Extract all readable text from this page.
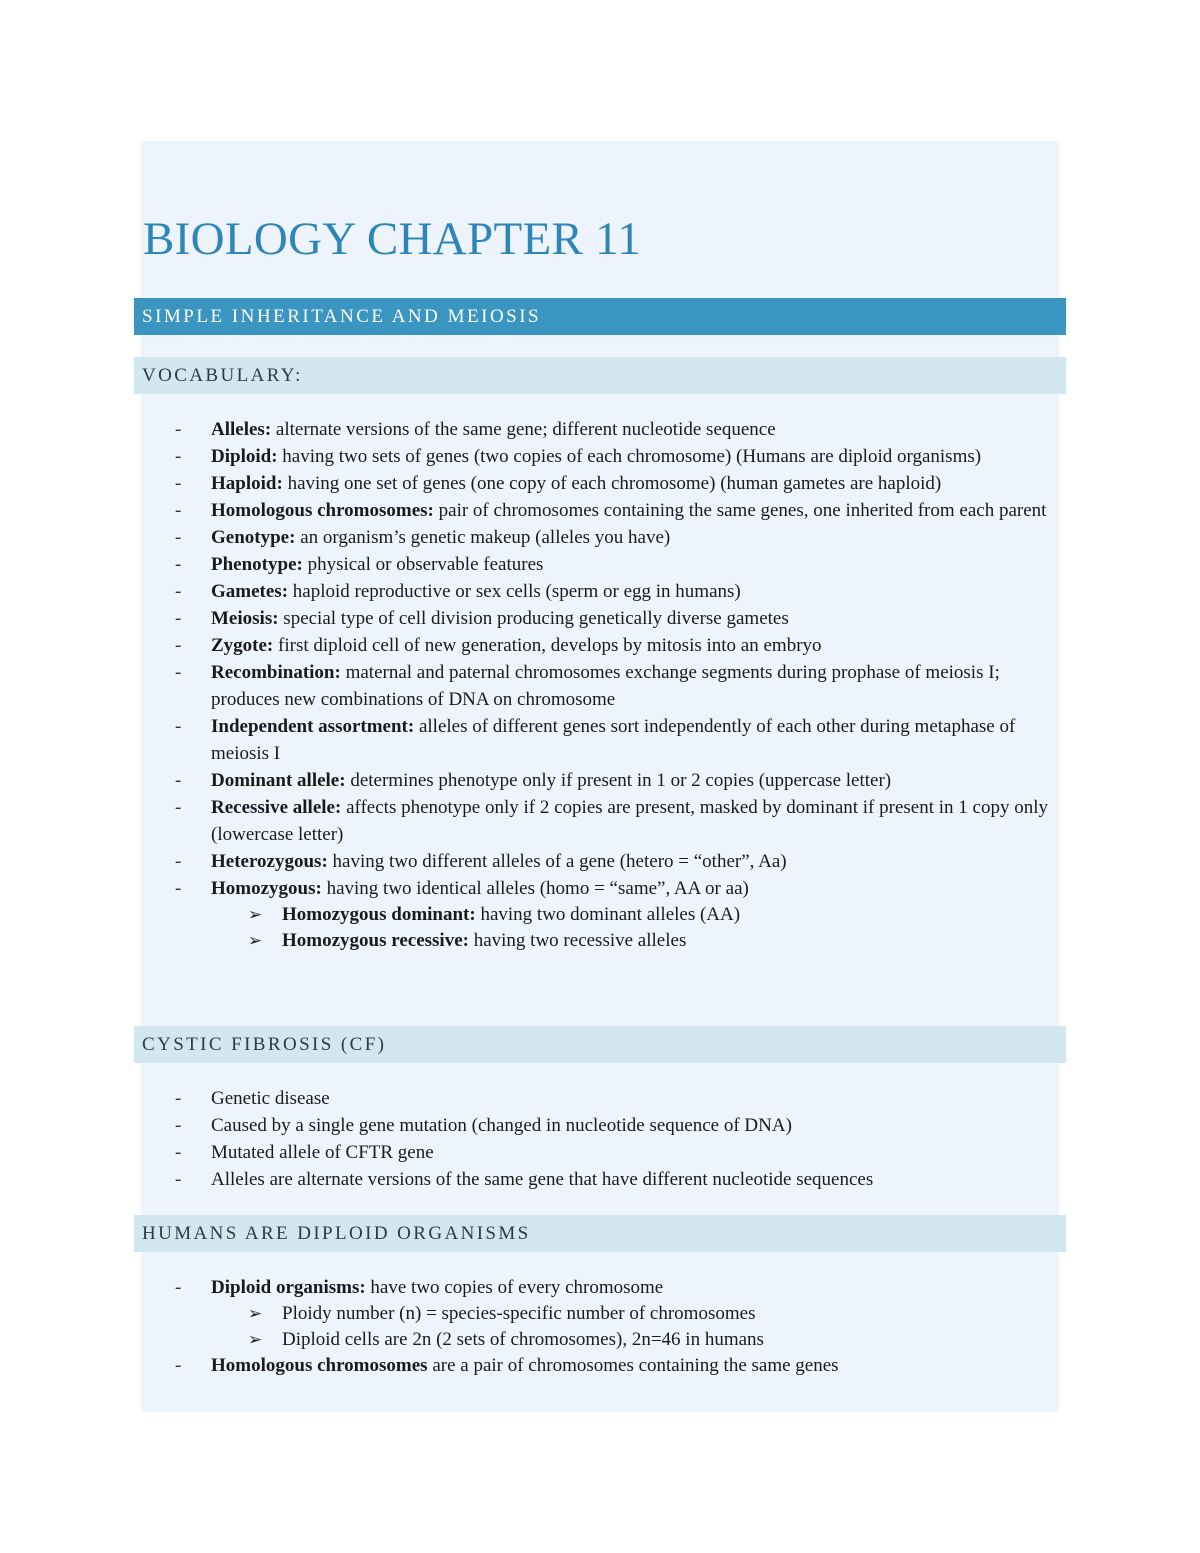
BIOLOGY CHAPTER 11
SIMPLE INHERITANCE AND MEIOSIS
VOCABULARY:
- Alleles: alternate versions of the same gene; different nucleotide sequence
- Diploid: having two sets of genes (two copies of each chromosome) (Humans are diploid organisms)
- Haploid: having one set of genes (one copy of each chromosome) (human gametes are haploid)
- Homologous chromosomes: pair of chromosomes containing the same genes, one inherited from each parent
- Genotype: an organism’s genetic makeup (alleles you have)
- Phenotype: physical or observable features
- Gametes: haploid reproductive or sex cells (sperm or egg in humans)
- Meiosis: special type of cell division producing genetically diverse gametes
- Zygote: first diploid cell of new generation, develops by mitosis into an embryo
- Recombination: maternal and paternal chromosomes exchange segments during prophase of meiosis I; produces new combinations of DNA on chromosome
- Independent assortment: alleles of different genes sort independently of each other during metaphase of meiosis I
- Dominant allele: determines phenotype only if present in 1 or 2 copies (uppercase letter)
- Recessive allele: affects phenotype only if 2 copies are present, masked by dominant if present in 1 copy only (lowercase letter)
- Heterozygous: having two different alleles of a gene (hetero = “other”, Aa)
- Homozygous: having two identical alleles (homo = “same”, AA or aa)
➢ Homozygous dominant: having two dominant alleles (AA)
➢ Homozygous recessive: having two recessive alleles
CYSTIC FIBROSIS (CF)
- Genetic disease
- Caused by a single gene mutation (changed in nucleotide sequence of DNA)
- Mutated allele of CFTR gene
- Alleles are alternate versions of the same gene that have different nucleotide sequences
HUMANS ARE DIPLOID ORGANISMS
- Diploid organisms: have two copies of every chromosome
➢ Ploidy number (n) = species-specific number of chromosomes
➢ Diploid cells are 2n (2 sets of chromosomes), 2n=46 in humans
- Homologous chromosomes are a pair of chromosomes containing the same genes
